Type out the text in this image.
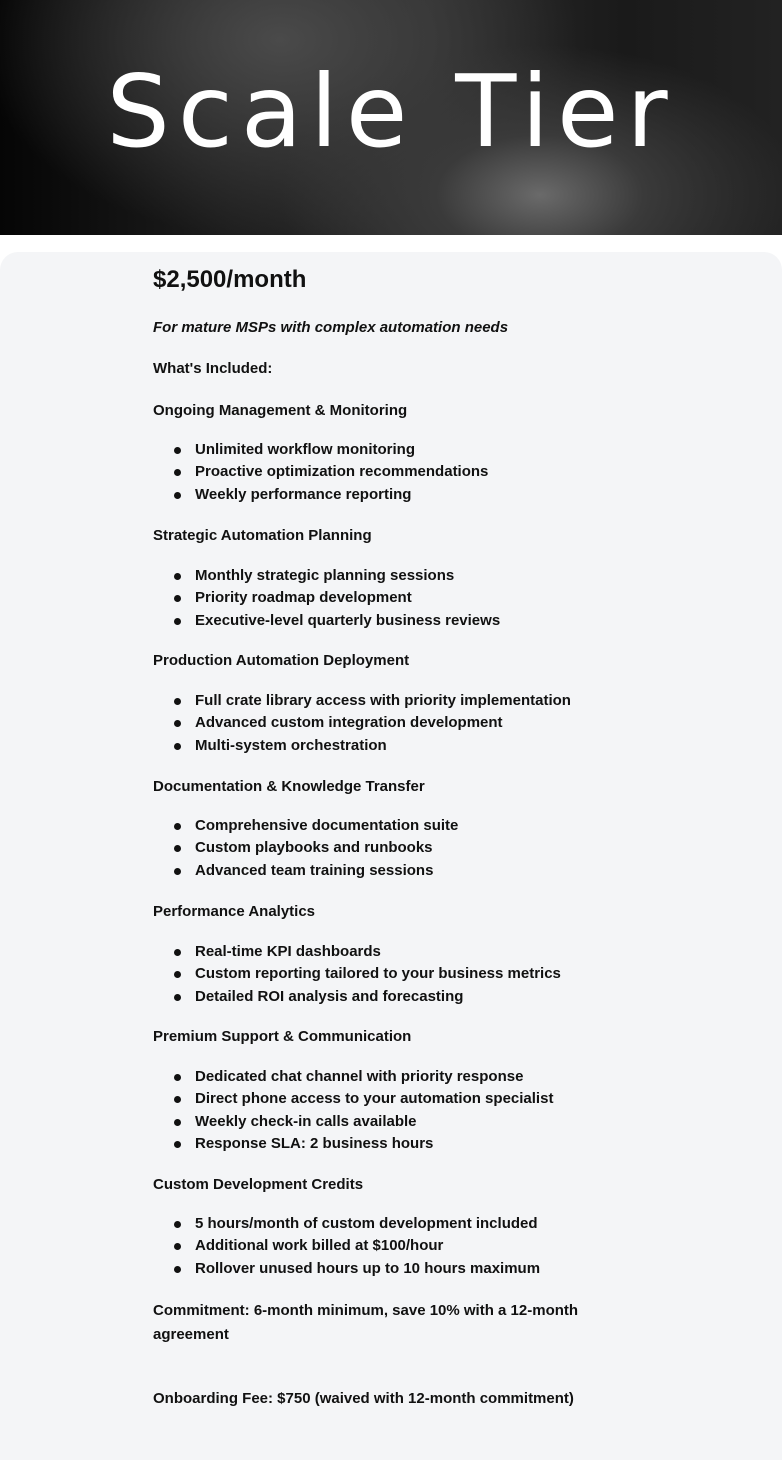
Scale Tier
$2,500/month
For mature MSPs with complex automation needs
What's Included:
Ongoing Management & Monitoring
Unlimited workflow monitoring
Proactive optimization recommendations
Weekly performance reporting
Strategic Automation Planning
Monthly strategic planning sessions
Priority roadmap development
Executive-level quarterly business reviews
Production Automation Deployment
Full crate library access with priority implementation
Advanced custom integration development
Multi-system orchestration
Documentation & Knowledge Transfer
Comprehensive documentation suite
Custom playbooks and runbooks
Advanced team training sessions
Performance Analytics
Real-time KPI dashboards
Custom reporting tailored to your business metrics
Detailed ROI analysis and forecasting
Premium Support & Communication
Dedicated chat channel with priority response
Direct phone access to your automation specialist
Weekly check-in calls available
Response SLA: 2 business hours
Custom Development Credits
5 hours/month of custom development included
Additional work billed at $100/hour
Rollover unused hours up to 10 hours maximum
Commitment: 6-month minimum, save 10% with a 12-month agreement
Onboarding Fee: $750 (waived with 12-month commitment)
